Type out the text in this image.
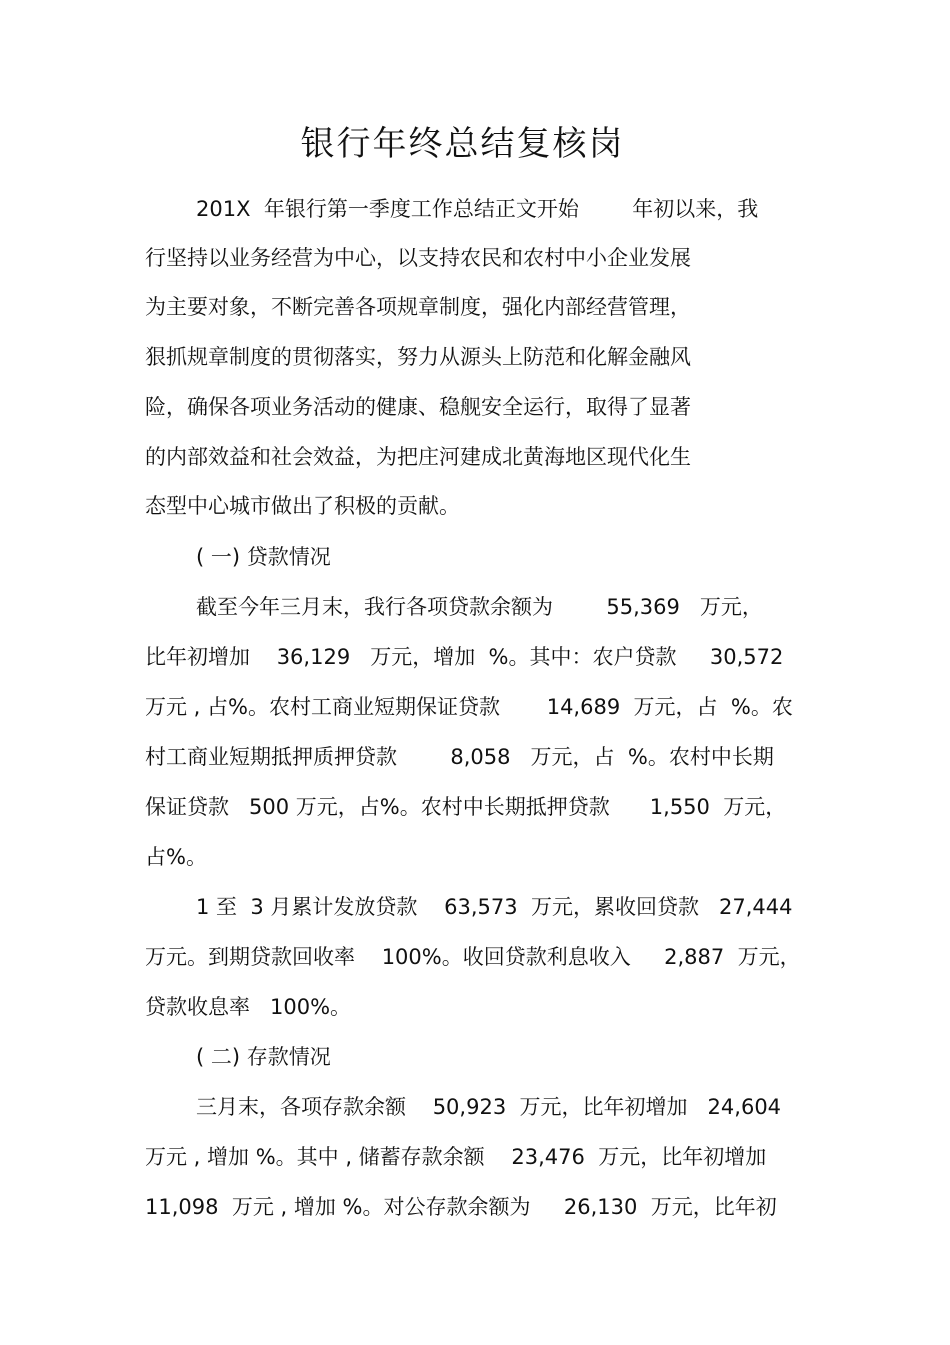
银行年终总结复核岗
201X  年银行第一季度工作总结正文开始        年初以来，我
行坚持以业务经营为中心，以支持农民和农村中小企业发展
为主要对象，不断完善各项规章制度，强化内部经营管理，
狠抓规章制度的贯彻落实，努力从源头上防范和化解金融风
险，确保各项业务活动的健康、稳舰安全运行，取得了显著
的内部效益和社会效益，为把庄河建成北黄海地区现代化生
态型中心城市做出了积极的贡献。
( 一) 贷款情况
截至今年三月末，我行各项贷款余额为        55,369   万元，
比年初增加    36,129   万元，增加  %。其中：农户贷款     30,572
万元 , 占%。农村工商业短期保证贷款       14,689  万元，占  %。农
村工商业短期抵押质押贷款        8,058   万元，占  %。农村中长期
保证贷款   500 万元，占%。农村中长期抵押贷款      1,550  万元，
占%。
1 至  3 月累计发放贷款    63,573  万元，累收回贷款   27,444
万元。到期贷款回收率    100%。收回贷款利息收入     2,887  万元，
贷款收息率   100%。
( 二) 存款情况
三月末，各项存款余额    50,923  万元，比年初增加   24,604
万元 , 增加 %。其中 , 储蓄存款余额    23,476  万元，比年初增加
11,098  万元 , 增加 %。对公存款余额为     26,130  万元，比年初
